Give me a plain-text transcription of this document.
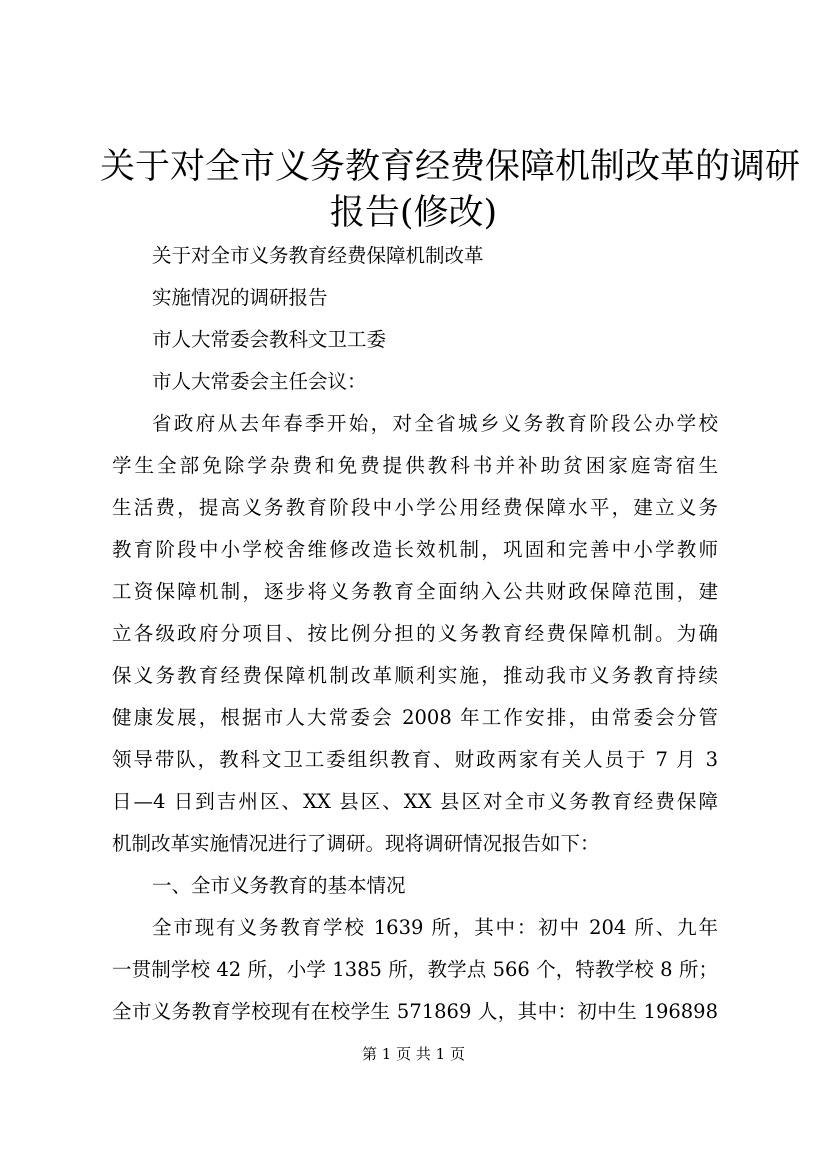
关于对全市义务教育经费保障机制改革的调研
报告(修改)

关于对全市义务教育经费保障机制改革

实施情况的调研报告

市人大常委会教科文卫工委

市人大常委会主任会议：

省政府从去年春季开始，对全省城乡义务教育阶段公办学校

学生全部免除学杂费和免费提供教科书并补助贫困家庭寄宿生

生活费，提高义务教育阶段中小学公用经费保障水平，建立义务

教育阶段中小学校舍维修改造长效机制，巩固和完善中小学教师

工资保障机制，逐步将义务教育全面纳入公共财政保障范围，建

立各级政府分项目、按比例分担的义务教育经费保障机制。为确

保义务教育经费保障机制改革顺利实施，推动我市义务教育持续

健康发展，根据市人大常委会 2008 年工作安排，由常委会分管

领导带队，教科文卫工委组织教育、财政两家有关人员于 7 月 3

日—4 日到吉州区、XX 县区、XX 县区对全市义务教育经费保障

机制改革实施情况进行了调研。现将调研情况报告如下：

一、全市义务教育的基本情况

全市现有义务教育学校 1639 所，其中：初中 204 所、九年

一贯制学校 42 所，小学 1385 所，教学点 566 个，特教学校 8 所；

全市义务教育学校现有在校学生 571869 人，其中：初中生 196898

第 1 页 共 1 页
